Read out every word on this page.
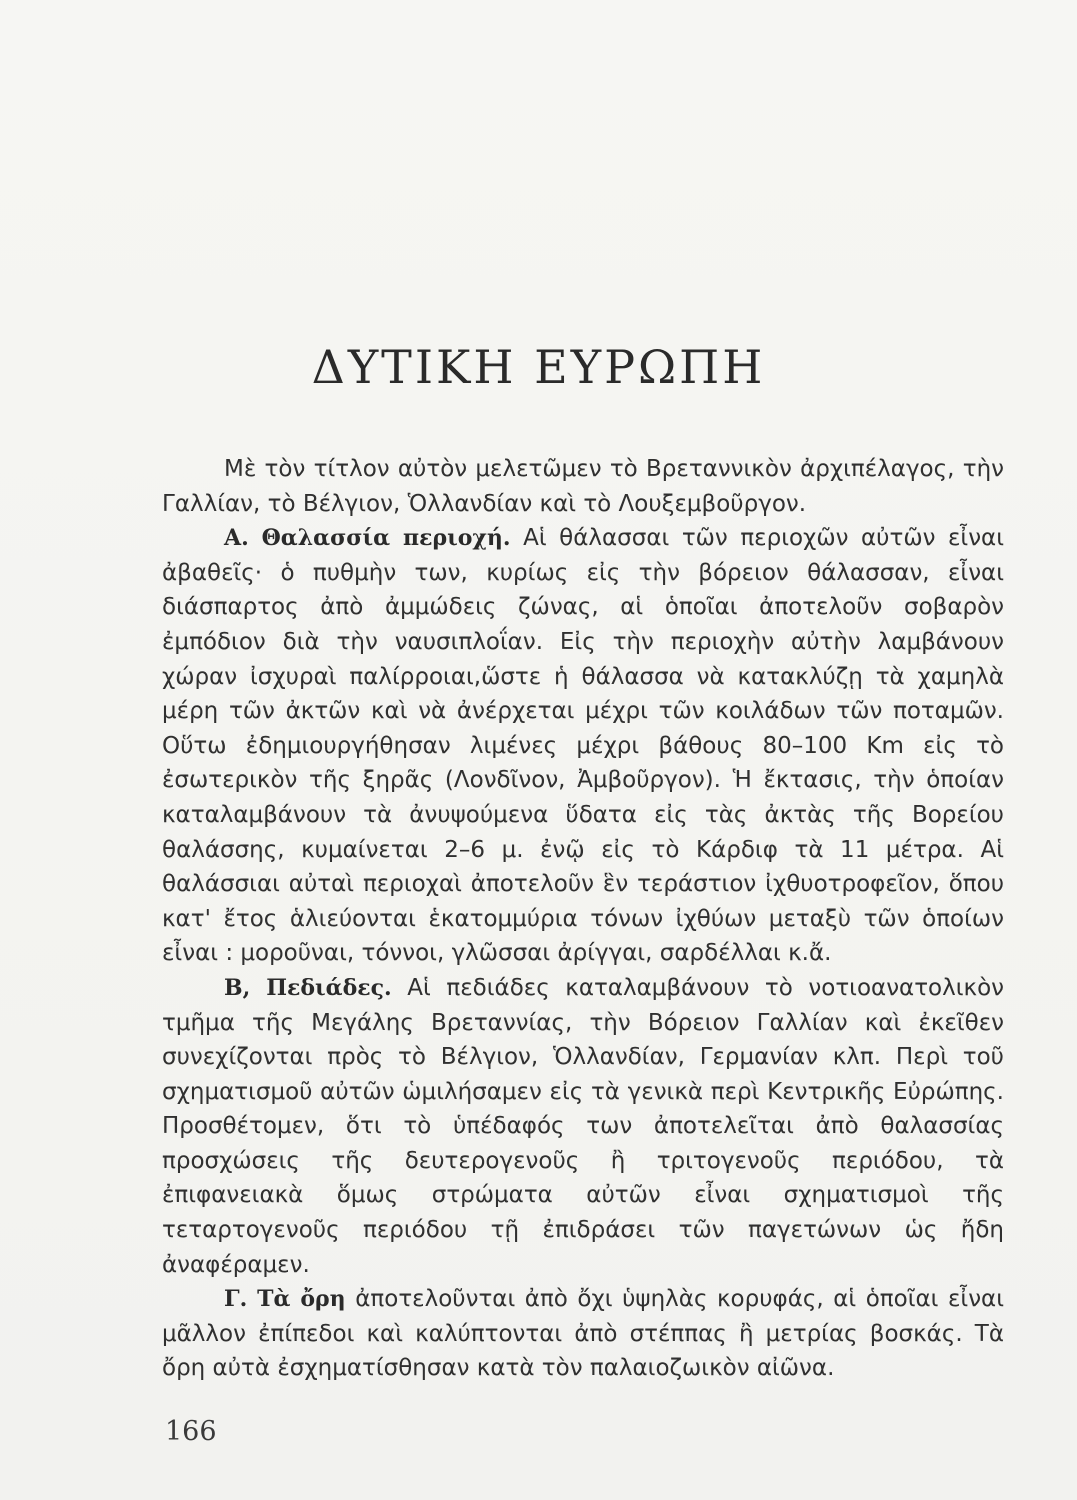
ΔΥΤΙΚΗ ΕΥΡΩΠΗ

Μὲ τὸν τίτλον αὐτὸν μελετῶμεν τὸ Βρεταννικὸν ἀρχιπέλαγος, τὴν Γαλλίαν, τὸ Βέλγιον, Ὁλλανδίαν καὶ τὸ Λουξεμβοῦργον.

Α. Θαλασσία περιοχή. Αἱ θάλασσαι τῶν περιοχῶν αὐτῶν εἶναι ἀβαθεῖς· ὁ πυθμὴν των, κυρίως εἰς τὴν βόρειον θάλασσαν, εἶναι διάσπαρτος ἀπὸ ἀμμώδεις ζώνας, αἱ ὁποῖαι ἀποτελοῦν σοβαρὸν ἐμπόδιον διὰ τὴν ναυσιπλοΐαν. Εἰς τὴν περιοχὴν αὐτὴν λαμβάνουν χώραν ἰσχυραὶ παλίρροιαι,ὥστε ἡ θάλασσα νὰ κατακλύζῃ τὰ χαμηλὰ μέρη τῶν ἀκτῶν καὶ νὰ ἀνέρχεται μέχρι τῶν κοιλάδων τῶν ποταμῶν. Οὕτω ἐδημιουργήθησαν λιμένες μέχρι βάθους 80–100 Km εἰς τὸ ἐσωτερικὸν τῆς ξηρᾶς (Λονδῖνον, Ἀμβοῦργον). Ἡ ἔκτασις, τὴν ὁποίαν καταλαμβάνουν τὰ ἀνυψούμενα ὕδατα εἰς τὰς ἀκτὰς τῆς Βορείου θαλάσσης, κυμαίνεται 2–6 μ. ἐνῷ εἰς τὸ Κάρδιφ τὰ 11 μέτρα. Αἱ θαλάσσιαι αὐταὶ περιοχαὶ ἀποτελοῦν ἓν τεράστιον ἰχθυοτροφεῖον, ὅπου κατ' ἔτος ἁλιεύονται ἑκατομμύρια τόνων ἰχθύων μεταξὺ τῶν ὁποίων εἶναι : μοροῦναι, τόννοι, γλῶσσαι ἀρίγγαι, σαρδέλλαι κ.ἄ.

Β, Πεδιάδες. Αἱ πεδιάδες καταλαμβάνουν τὸ νοτιοανατολικὸν τμῆμα τῆς Μεγάλης Βρεταννίας, τὴν Βόρειον Γαλλίαν καὶ ἐκεῖθεν συνεχίζονται πρὸς τὸ Βέλγιον, Ὁλλανδίαν, Γερμανίαν κλπ. Περὶ τοῦ σχηματισμοῦ αὐτῶν ὡμιλήσαμεν εἰς τὰ γενικὰ περὶ Κεντρικῆς Εὐρώπης. Προσθέτομεν, ὅτι τὸ ὑπέδαφός των ἀποτελεῖται ἀπὸ θαλασσίας προσχώσεις τῆς δευτερογενοῦς ἢ τριτογενοῦς περιόδου, τὰ ἐπιφανειακὰ ὅμως στρώματα αὐτῶν εἶναι σχηματισμοὶ τῆς τεταρτογενοῦς περιόδου τῇ ἐπιδράσει τῶν παγετώνων ὡς ἤδη ἀναφέραμεν.

Γ. Τὰ ὄρη ἀποτελοῦνται ἀπὸ ὄχι ὑψηλὰς κορυφάς, αἱ ὁποῖαι εἶναι μᾶλλον ἐπίπεδοι καὶ καλύπτονται ἀπὸ στέππας ἢ μετρίας βοσκάς. Τὰ ὄρη αὐτὰ ἐσχηματίσθησαν κατὰ τὸν παλαιοζωικὸν αἰῶνα.

166
